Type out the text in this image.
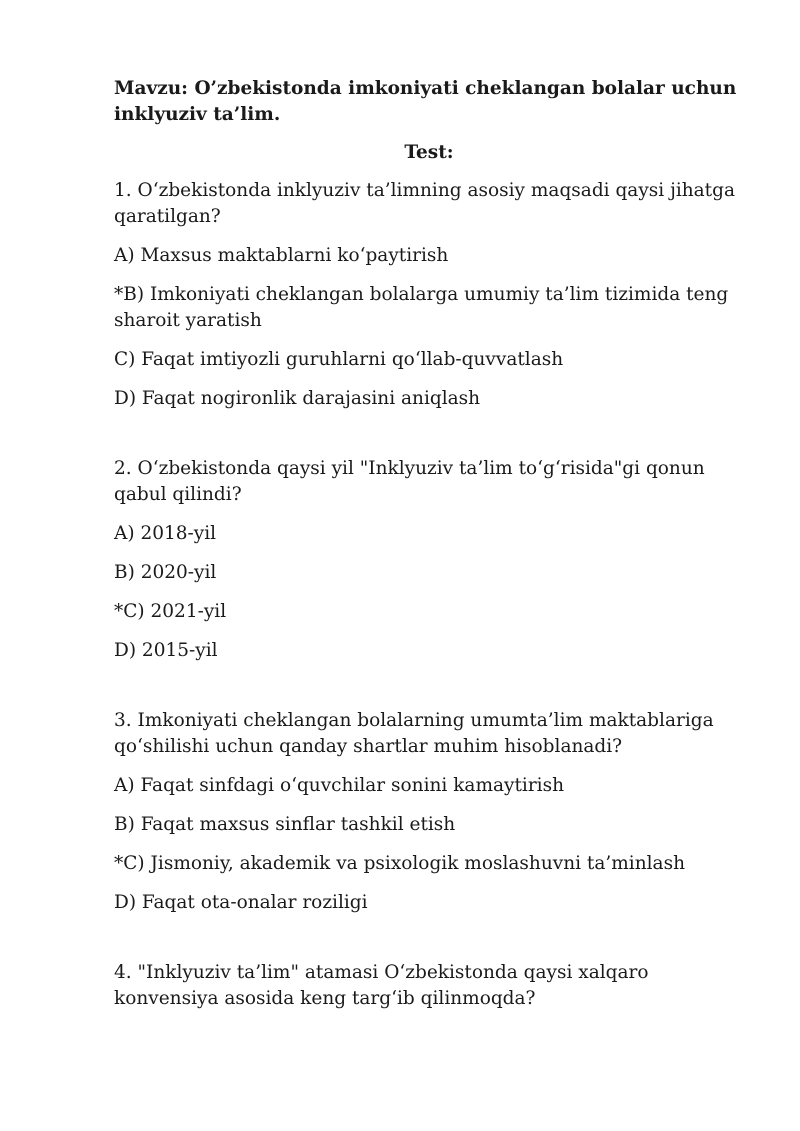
Mavzu: O’zbekistonda imkoniyati cheklangan bolalar uchun inklyuziv ta’lim.

Test:

1. O‘zbekistonda inklyuziv ta’limning asosiy maqsadi qaysi jihatga qaratilgan?

A) Maxsus maktablarni ko‘paytirish

*B) Imkoniyati cheklangan bolalarga umumiy ta’lim tizimida teng sharoit yaratish

C) Faqat imtiyozli guruhlarni qo‘llab-quvvatlash

D) Faqat nogironlik darajasini aniqlash

2. O‘zbekistonda qaysi yil "Inklyuziv ta’lim to‘g‘risida"gi qonun qabul qilindi?

A) 2018-yil

B) 2020-yil

*C) 2021-yil

D) 2015-yil

3. Imkoniyati cheklangan bolalarning umumta’lim maktablariga qo‘shilishi uchun qanday shartlar muhim hisoblanadi?

A) Faqat sinfdagi o‘quvchilar sonini kamaytirish

B) Faqat maxsus sinflar tashkil etish

*C) Jismoniy, akademik va psixologik moslashuvni ta’minlash

D) Faqat ota-onalar roziligi

4. "Inklyuziv ta’lim" atamasi O‘zbekistonda qaysi xalqaro konvensiya asosida keng targ‘ib qilinmoqda?
